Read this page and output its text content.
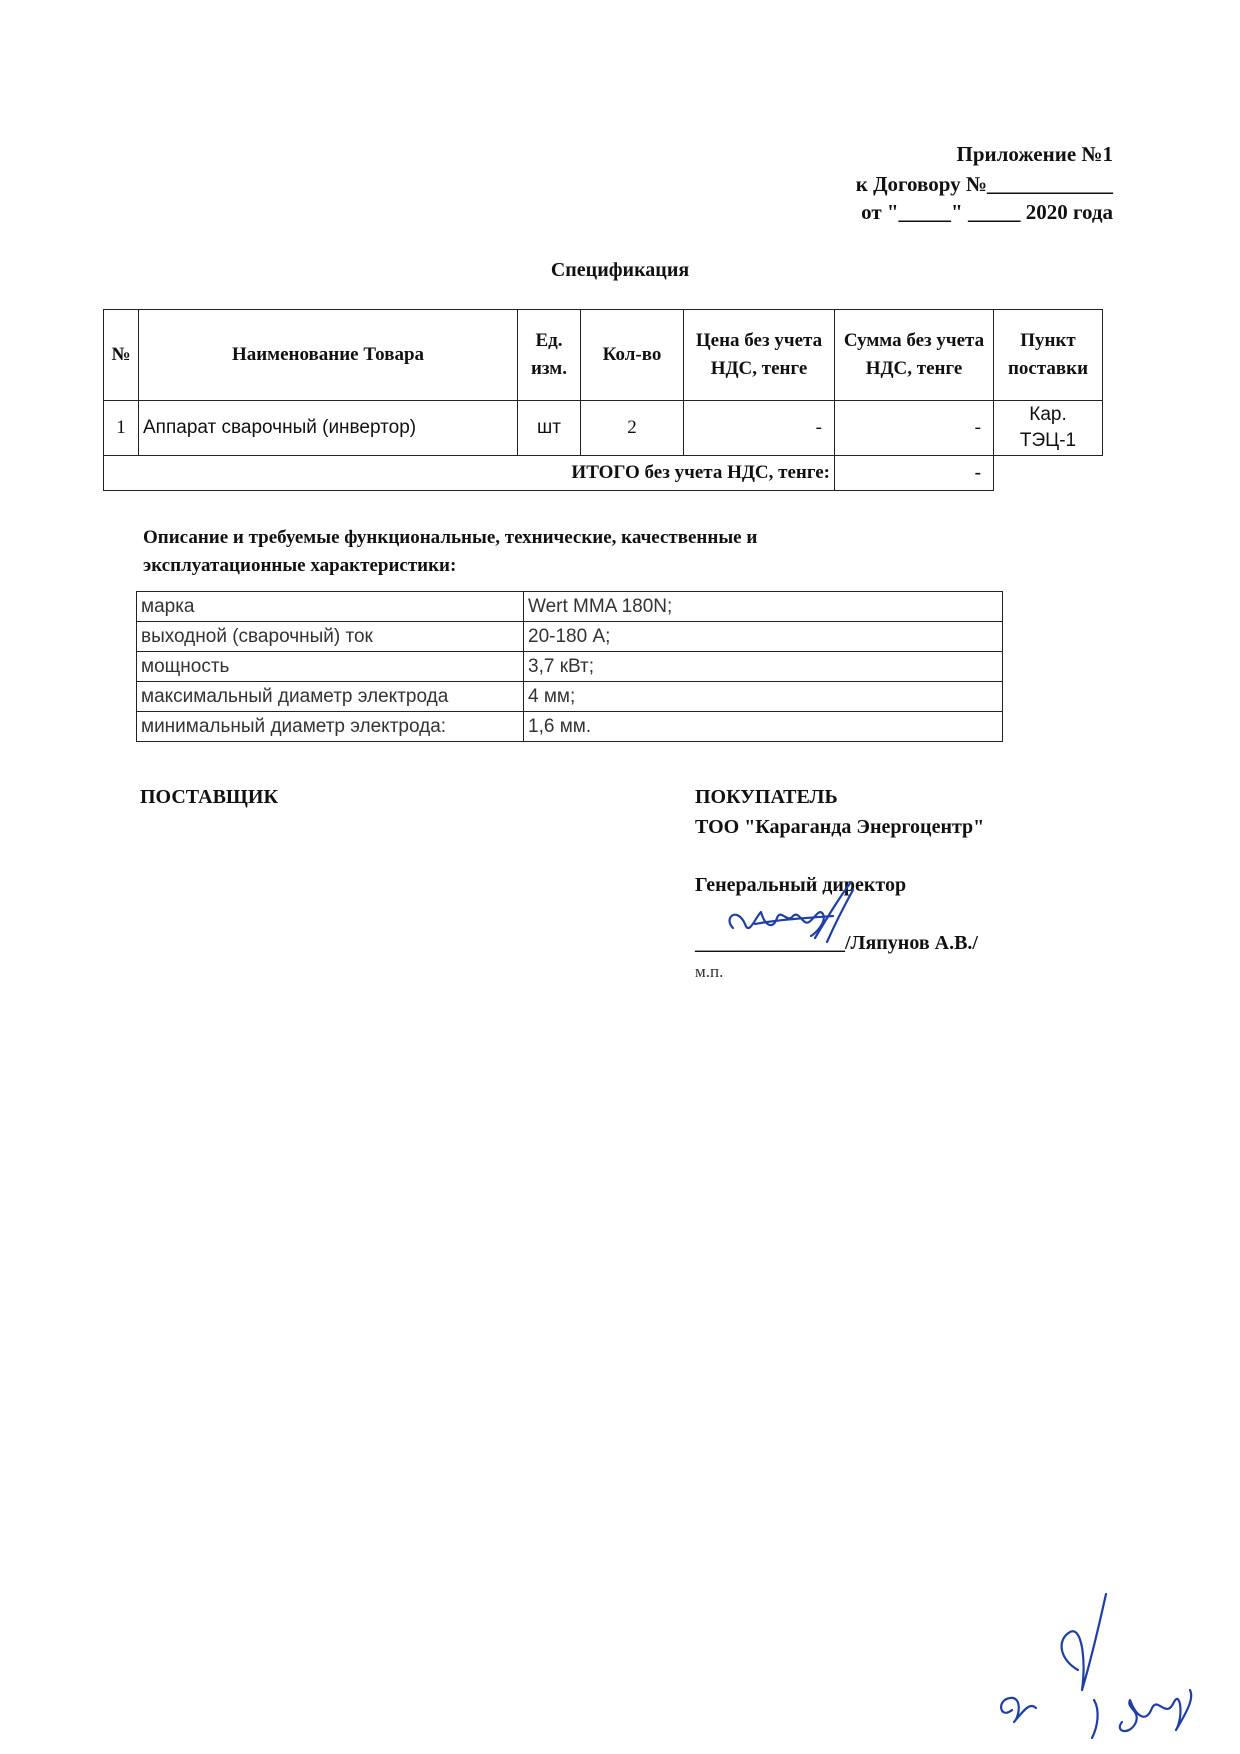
Приложение №1
к Договору №____________
от "_____" _____ 2020 года
Спецификация
№	Наименование Товара	Ед. изм.	Кол-во	Цена без учета НДС, тенге	Сумма без учета НДС, тенге	Пункт поставки
1	Аппарат сварочный (инвертор)	шт	2	-	-	Кар. ТЭЦ-1
ИТОГО без учета НДС, тенге:					-	
Описание и требуемые функциональные, технические, качественные и эксплуатационные характеристики:
марка	Wert MMA 180N;
выходной (сварочный) ток	20-180 А;
мощность	3,7 кВт;
максимальный диаметр электрода	4 мм;
минимальный диаметр электрода:	1,6 мм.
ПОСТАВЩИК	ПОКУПАТЕЛЬ
ТОО "Караганда Энергоцентр"
Генеральный директор
_______________/Ляпунов А.В./
м.п.
